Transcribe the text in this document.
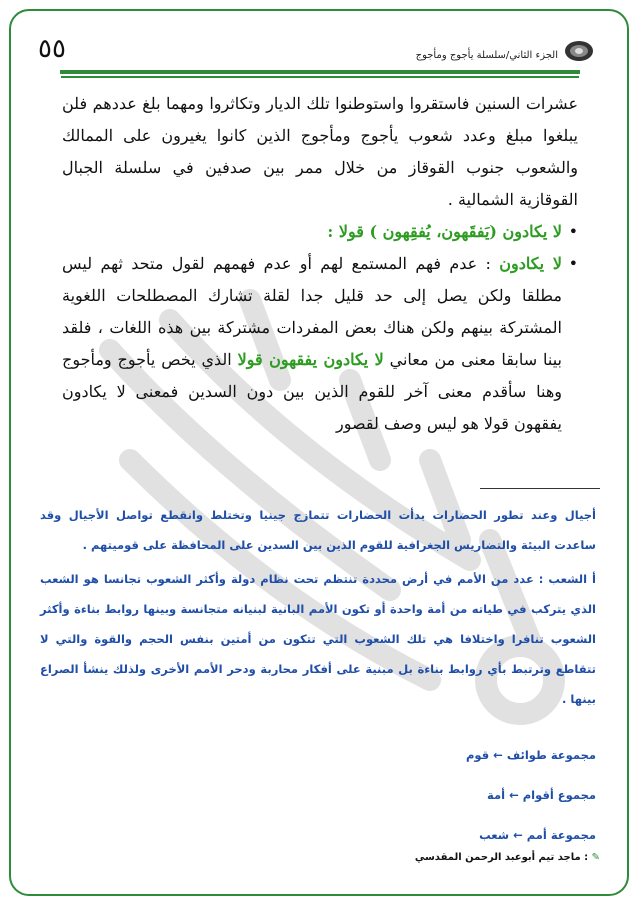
٥٥	الجزء الثاني/سلسلة يأجوج ومأجوج

عشرات السنين فاستقروا واستوطنوا تلك الديار وتكاثروا ومهما بلغ عددهم فلن يبلغوا مبلغ وعدد شعوب يأجوج ومأجوج الذين كانوا يغيرون على الممالك والشعوب جنوب القوقاز من خلال ممر بين صدفين في سلسلة الجبال القوقازية الشمالية .

•
لا يكادون (يَفقَهون، يُفقِهون ) قولا :

•
لا يكادون : عدم فهم المستمع لهم أو عدم فهمهم لقول متحد ثهم ليس مطلقا ولكن يصل إلى حد قليل جدا لقلة تشارك المصطلحات اللغوية المشتركة بينهم ولكن هناك بعض المفردات مشتركة بين هذه اللغات ، فلقد بينا سابقا معنى من معاني لا يكادون يفقهون قولا الذي يخص يأجوج ومأجوج وهنا سأقدم معنى آخر للقوم الذين بين دون السدين فمعنى لا يكادون يفقهون قولا هو ليس وصف لقصور

أجيال وعند تطور الحضارات بدأت الحضارات تتمازج جينيا وتختلط وانقطع تواصل الأجيال وقد ساعدت البيئة والتضاريس الجغرافية للقوم الذين بين السدين على المحافظة على قوميتهم .

أ الشعب : عدد من الأمم في أرض محددة تنتظم تحت نظام دولة وأكثر الشعوب تجانسا هو الشعب الذي يتركب في طياته من أمة واحدة أو تكون الأمم البانية لبنيانه متجانسة وبينها روابط بناءة وأكثر الشعوب تنافرا واختلافا هي تلك الشعوب التي تتكون من أمتين بنفس الحجم والقوة والتي لا تتقاطع وترتبط بأي روابط بناءة بل مبنية على أفكار محاربة ودحر الأمم الأخرى ولذلك ينشأ الصراع بينها .

مجموعة طوائف ← قوم
مجموع أقوام ← أمة
مجموعة أمم ← شعب
✎ : ماجد تيم أبوعبد الرحمن المقدسي
